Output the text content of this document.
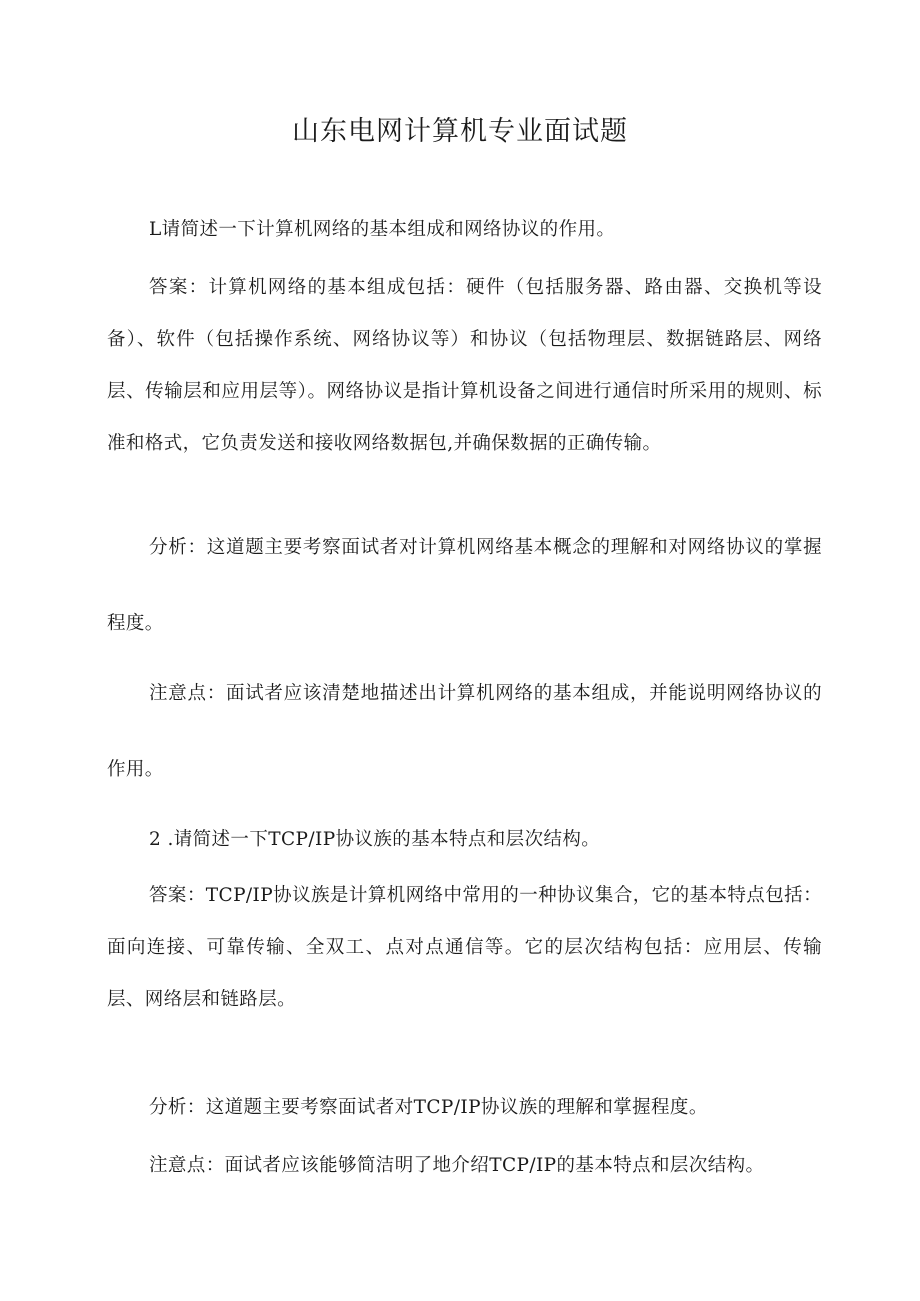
山东电网计算机专业面试题
L请简述一下计算机网络的基本组成和网络协议的作用。
答案：计算机网络的基本组成包括：硬件（包括服务器、路由器、交换机等设备）、软件（包括操作系统、网络协议等）和协议（包括物理层、数据链路层、网络层、传输层和应用层等）。网络协议是指计算机设备之间进行通信时所采用的规则、标准和格式，它负责发送和接收网络数据包,并确保数据的正确传输。
分析：这道题主要考察面试者对计算机网络基本概念的理解和对网络协议的掌握程度。
注意点：面试者应该清楚地描述出计算机网络的基本组成，并能说明网络协议的作用。
2 .请简述一下TCP/IP协议族的基本特点和层次结构。
答案：TCP/IP协议族是计算机网络中常用的一种协议集合，它的基本特点包括：面向连接、可靠传输、全双工、点对点通信等。它的层次结构包括：应用层、传输层、网络层和链路层。
分析：这道题主要考察面试者对TCP/IP协议族的理解和掌握程度。
注意点：面试者应该能够简洁明了地介绍TCP/IP的基本特点和层次结构。
